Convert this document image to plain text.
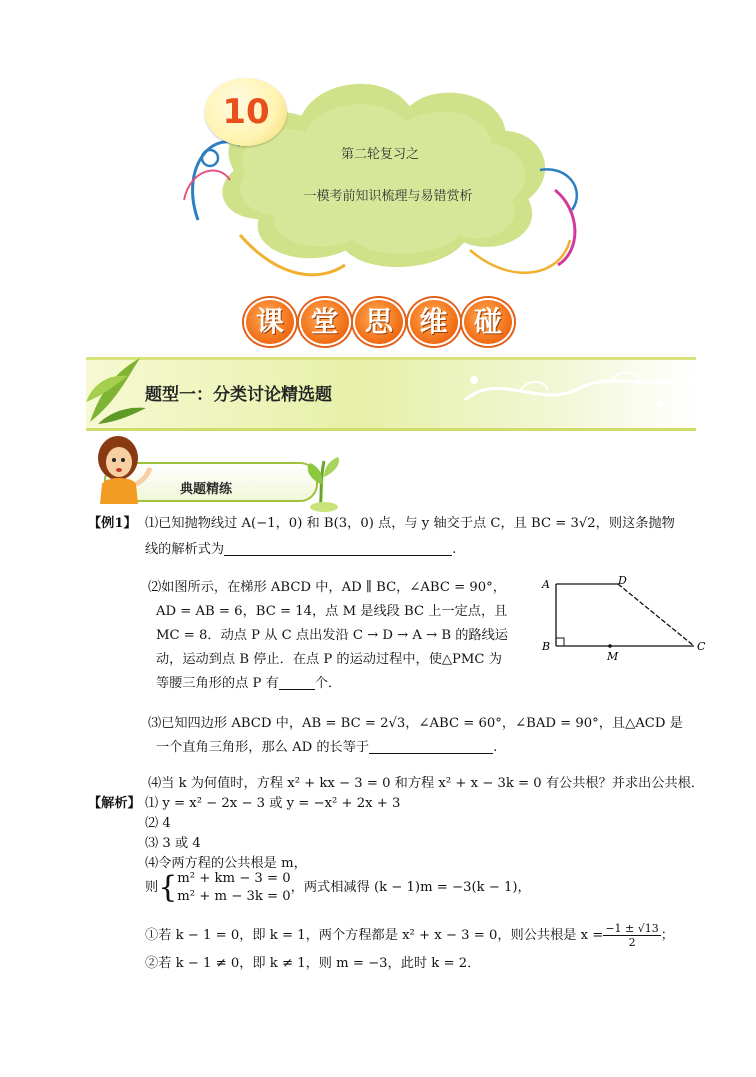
10
第二轮复习之
一模考前知识梳理与易错赏析
课 堂 思 维 碰
题型一：分类讨论精选题
典题精练
【例1】 ⑴已知抛物线过 A(−1，0) 和 B(3，0) 点，与 y 轴交于点 C，且 BC = 3√2，则这条抛物
线的解析式为	.
⑵如图所示，在梯形 ABCD 中，AD ∥ BC，∠ABC = 90°，
AD = AB = 6，BC = 14，点 M 是线段 BC 上一定点，且
MC = 8．动点 P 从 C 点出发沿 C → D → A → B 的路线运
动，运动到点 B 停止．在点 P 的运动过程中，使△PMC 为
等腰三角形的点 P 有	个．
A	D
B	C
M
⑶已知四边形 ABCD 中，AB = BC = 2√3，∠ABC = 60°，∠BAD = 90°，且△ACD 是
一个直角三角形，那么 AD 的长等于	.
⑷当 k 为何值时，方程 x² + kx − 3 = 0 和方程 x² + x − 3k = 0 有公共根？并求出公共根．
【解析】 ⑴ y = x² − 2x − 3 或 y = −x² + 2x + 3
⑵ 4
⑶ 3 或 4
⑷令两方程的公共根是 m，
则 { m² + km − 3 = 0
m² + m − 3k = 0
，两式相减得 (k − 1)m = −3(k − 1)，
①若 k − 1 = 0，即 k = 1，两个方程都是 x² + x − 3 = 0，则公共根是 $x = \frac{-1 \pm √13}{2}$ ；
②若 k − 1 ≠ 0，即 k ≠ 1，则 m = −3，此时 k = 2．
